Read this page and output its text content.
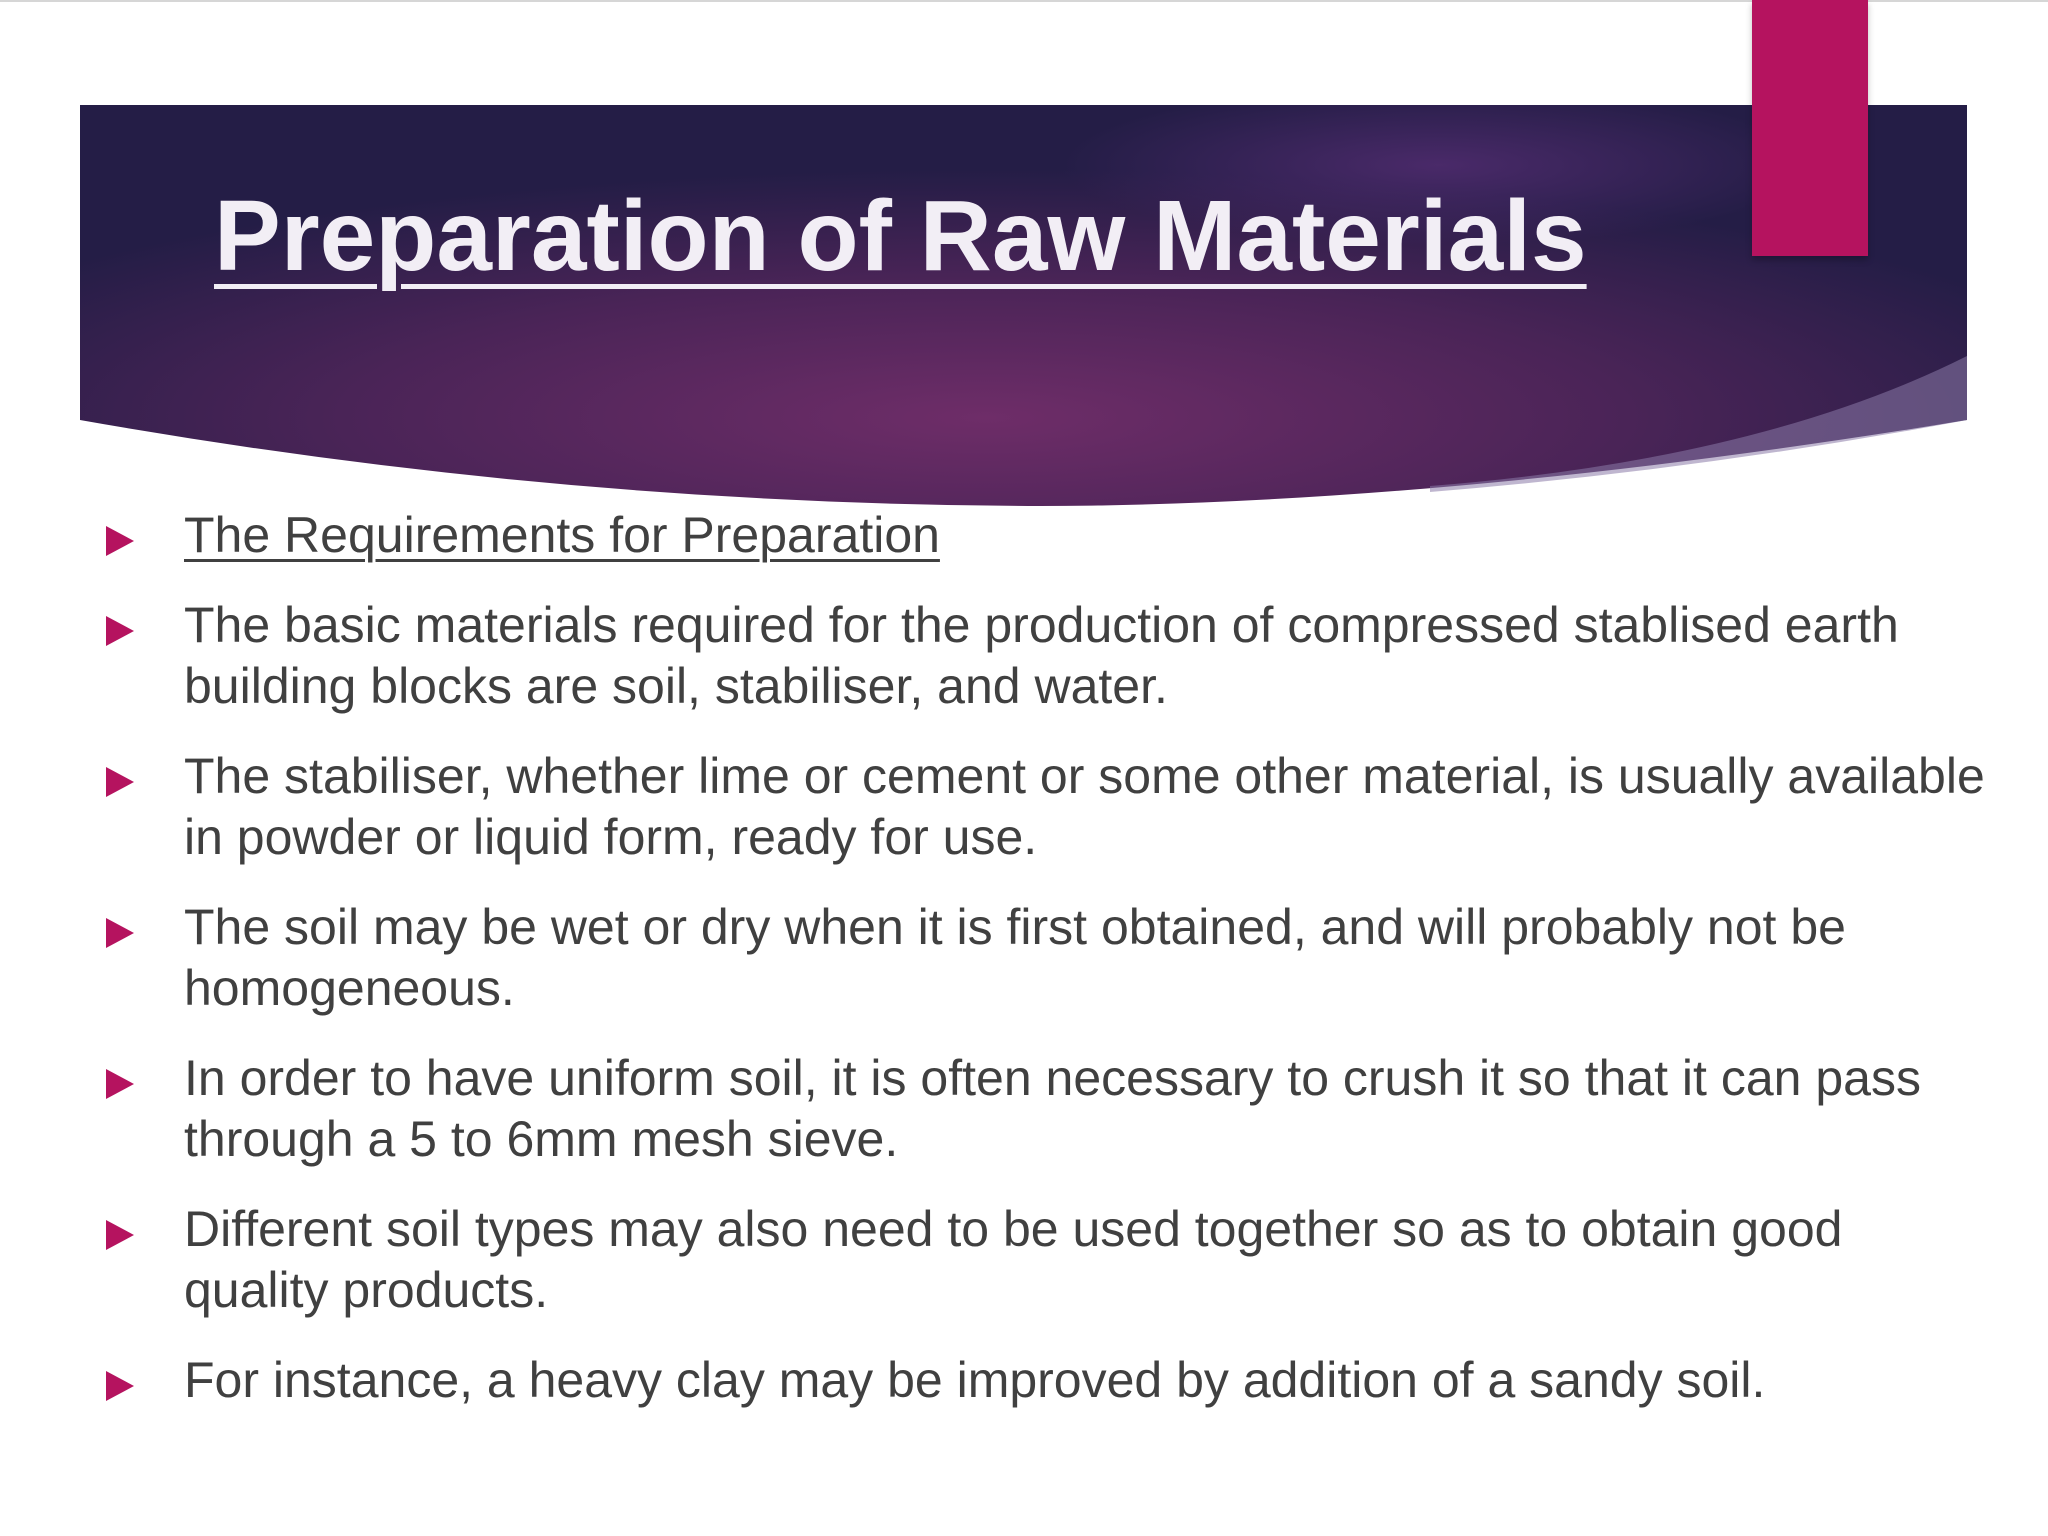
Preparation of Raw Materials
The Requirements for Preparation
The basic materials required for the production of compressed stablised earth building blocks are soil, stabiliser, and water.
The stabiliser, whether lime or cement or some other material, is usually available in powder or liquid form, ready for use.
The soil may be wet or dry when it is first obtained, and will probably not be homogeneous.
In order to have uniform soil, it is often necessary to crush it so that it can pass through a 5 to 6mm mesh sieve.
Different soil types may also need to be used together so as to obtain good quality products.
For instance, a heavy clay may be improved by addition of a sandy soil.
